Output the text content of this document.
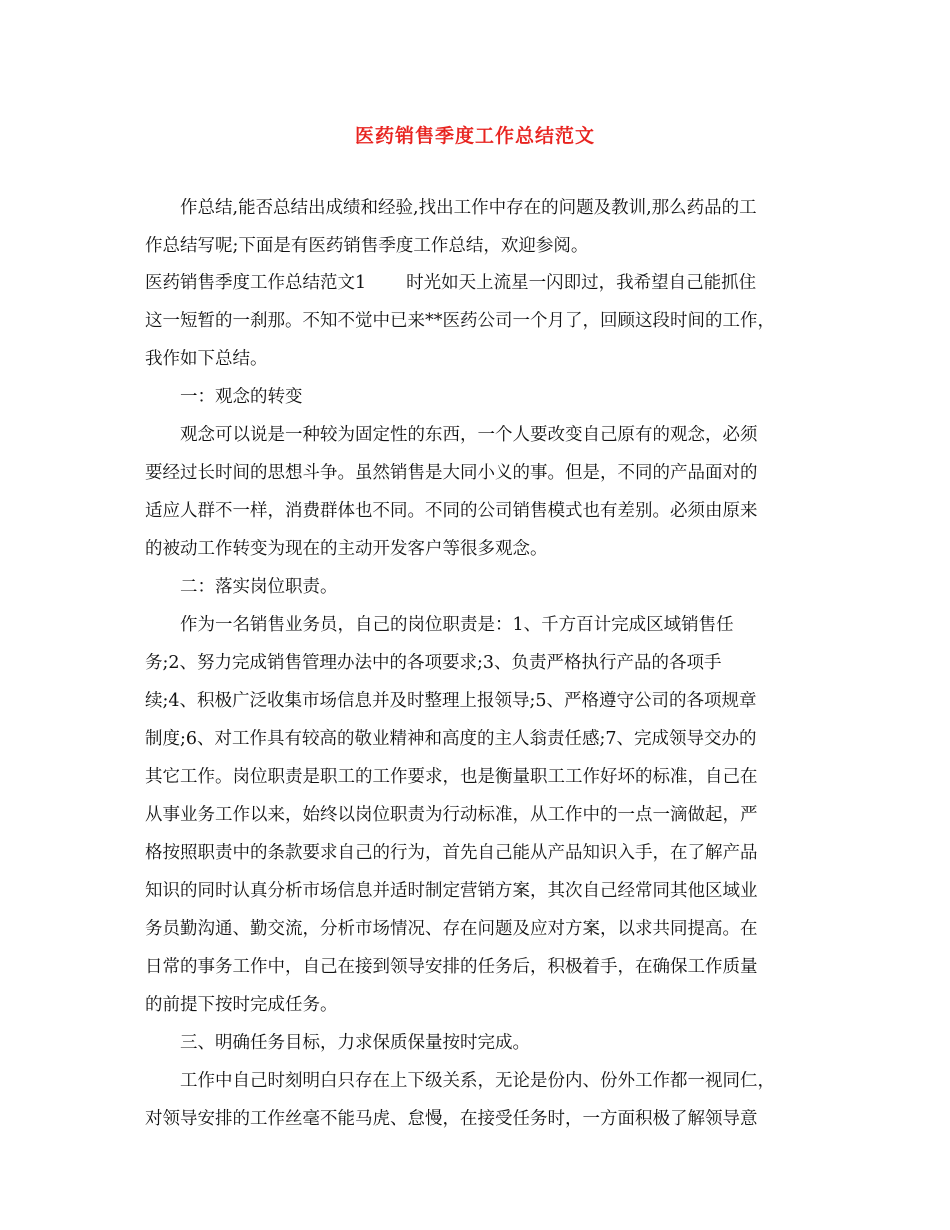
医药销售季度工作总结范文
作总结,能否总结出成绩和经验,找出工作中存在的问题及教训,那么药品的工
作总结写呢;下面是有医药销售季度工作总结，欢迎参阅。
医药销售季度工作总结范文1 时光如天上流星一闪即过，我希望自己能抓住
这一短暂的一刹那。不知不觉中已来**医药公司一个月了，回顾这段时间的工作，
我作如下总结。
一：观念的转变
观念可以说是一种较为固定性的东西，一个人要改变自己原有的观念，必须
要经过长时间的思想斗争。虽然销售是大同小义的事。但是，不同的产品面对的
适应人群不一样，消费群体也不同。不同的公司销售模式也有差别。必须由原来
的被动工作转变为现在的主动开发客户等很多观念。
二：落实岗位职责。
作为一名销售业务员，自己的岗位职责是：1、千方百计完成区域销售任
务;2、努力完成销售管理办法中的各项要求;3、负责严格执行产品的各项手
续;4、积极广泛收集市场信息并及时整理上报领导;5、严格遵守公司的各项规章
制度;6、对工作具有较高的敬业精神和高度的主人翁责任感;7、完成领导交办的
其它工作。岗位职责是职工的工作要求，也是衡量职工工作好坏的标准，自己在
从事业务工作以来，始终以岗位职责为行动标准，从工作中的一点一滴做起，严
格按照职责中的条款要求自己的行为，首先自己能从产品知识入手，在了解产品
知识的同时认真分析市场信息并适时制定营销方案，其次自己经常同其他区域业
务员勤沟通、勤交流，分析市场情况、存在问题及应对方案，以求共同提高。在
日常的事务工作中，自己在接到领导安排的任务后，积极着手，在确保工作质量
的前提下按时完成任务。
三、明确任务目标，力求保质保量按时完成。
工作中自己时刻明白只存在上下级关系，无论是份内、份外工作都一视同仁，
对领导安排的工作丝毫不能马虎、怠慢，在接受任务时，一方面积极了解领导意
